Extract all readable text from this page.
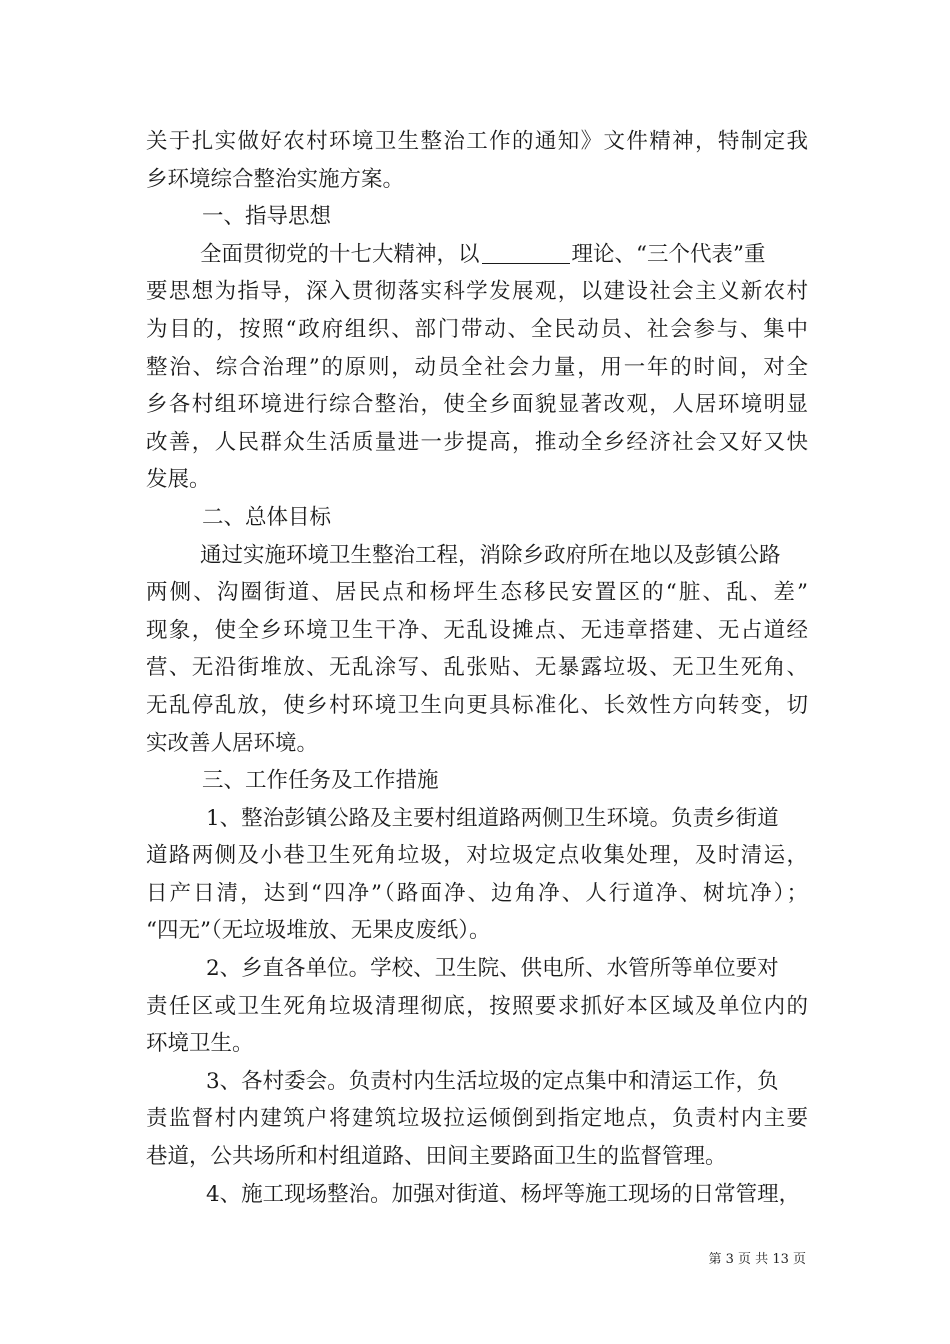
关于扎实做好农村环境卫生整治工作的通知》文件精神，特制定我
乡环境综合整治实施方案。
一、指导思想
全面贯彻党的十七大精神，以	理论、“三个代表”重
要思想为指导，深入贯彻落实科学发展观，以建设社会主义新农村
为目的，按照“政府组织、部门带动、全民动员、社会参与、集中
整治、综合治理”的原则，动员全社会力量，用一年的时间，对全
乡各村组环境进行综合整治，使全乡面貌显著改观，人居环境明显
改善，人民群众生活质量进一步提高，推动全乡经济社会又好又快
发展。
二、总体目标
通过实施环境卫生整治工程，消除乡政府所在地以及彭镇公路
两侧、沟圈街道、居民点和杨坪生态移民安置区的“脏、乱、差”
现象，使全乡环境卫生干净、无乱设摊点、无违章搭建、无占道经
营、无沿街堆放、无乱涂写、乱张贴、无暴露垃圾、无卫生死角、
无乱停乱放，使乡村环境卫生向更具标准化、长效性方向转变，切
实改善人居环境。
三、工作任务及工作措施
1、整治彭镇公路及主要村组道路两侧卫生环境。负责乡街道
道路两侧及小巷卫生死角垃圾，对垃圾定点收集处理，及时清运，
日产日清，达到“四净”（路面净、边角净、人行道净、树坑净）；
“四无”（无垃圾堆放、无果皮废纸）。
2、乡直各单位。学校、卫生院、供电所、水管所等单位要对
责任区或卫生死角垃圾清理彻底，按照要求抓好本区域及单位内的
环境卫生。
3、各村委会。负责村内生活垃圾的定点集中和清运工作，负
责监督村内建筑户将建筑垃圾拉运倾倒到指定地点，负责村内主要
巷道，公共场所和村组道路、田间主要路面卫生的监督管理。
4、施工现场整治。加强对街道、杨坪等施工现场的日常管理，
第 3 页 共 13 页
